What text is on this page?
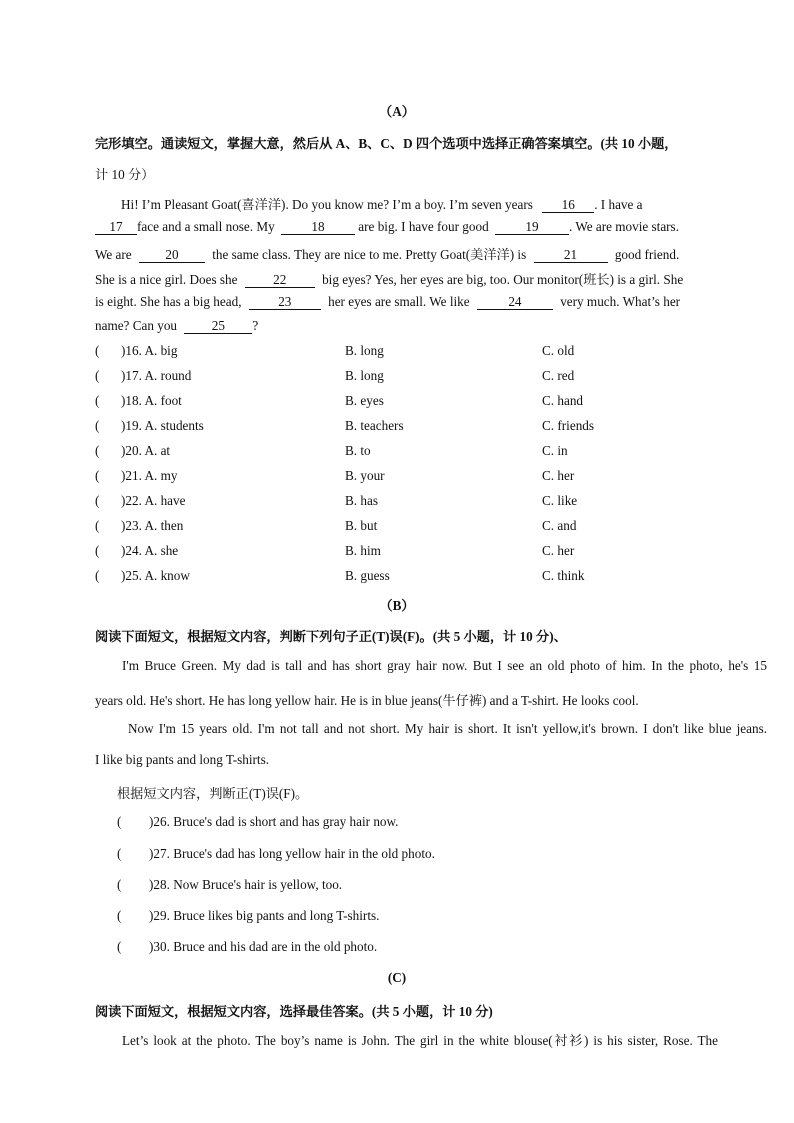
（A）
完形填空。通读短文，掌握大意，然后从 A、B、C、D 四个选项中选择正确答案填空。(共 10 小题，
计 10 分）
Hi! I’m Pleasant Goat(喜洋洋). Do you know me? I’m a boy. I’m seven years 16 . I have a
17 face and a small nose. My	18	are big. I have four good	19 . We are movie stars.
We are	20	the same class. They are nice to me. Pretty Goat(美洋洋) is	21	good friend.
She is a nice girl. Does she	22	big eyes? Yes, her eyes are big, too. Our monitor(班长) is a girl. She
is eight. She has a big head,	23	her eyes are small. We like	24	very much. What’s her
name? Can you	25 ?
( )16. A. big	B. long	C. old
( )17. A. round	B. long	C. red
( )18. A. foot	B. eyes	C. hand
( )19. A. students	B. teachers	C. friends
( )20. A. at	B. to	C. in
( )21. A. my	B. your	C. her
( )22. A. have	B. has	C. like
( )23. A. then	B. but	C. and
( )24. A. she	B. him	C. her
( )25. A. know	B. guess	C. think
（B）
阅读下面短文，根据短文内容，判断下列句子正(T)误(F)。(共 5 小题，计 10 分)、
I'm Bruce Green. My dad is tall and has short gray hair now. But I see an old photo of him. In the photo, he's 15
years old. He's short. He has long yellow hair. He is in blue jeans(牛仔裤) and a T-shirt. He looks cool.
Now I'm 15 years old. I'm not tall and not short. My hair is short. It isn't yellow,it's brown. I don't like blue jeans.
I like big pants and long T-shirts.
根据短文内容，判断正(T)误(F)。
( )26. Bruce's dad is short and has gray hair now.
( )27. Bruce's dad has long yellow hair in the old photo.
( )28. Now Bruce's hair is yellow, too.
( )29. Bruce likes big pants and long T-shirts.
( )30. Bruce and his dad are in the old photo.
(C)
阅读下面短文，根据短文内容，选择最佳答案。(共 5 小题，计 10 分)
Let’s look at the photo. The boy’s name is John. The girl in the white blouse(衬衫) is his sister, Rose. The
